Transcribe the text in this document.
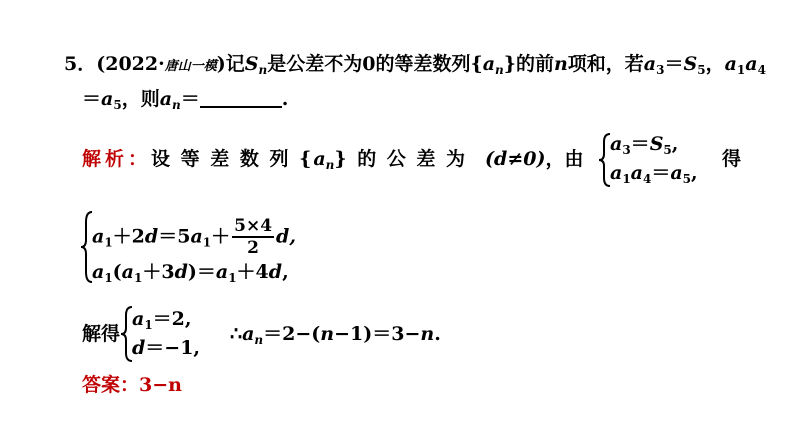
5．(2022·唐山一模)记$S_n$是公差不为0的等差数列$\{a_n\}$的前n项和，若$a_3=S_5$，$a_1a_4$
$=a_5$，则$a_n=$	.
解析：设 等 差 数 列 $\{a_n\}$ 的 公 差 为 (d≠0)，由
$a_3=S_5$,
$a_1a_4=a_5$,
得
$a_1+2d=5a_1+ \frac{5\times 4}{2} d$,
$a_1(a_1+3d)=a_1+4d$,
解得
$a_1=2$,
d＝−1,
$\therefore a_n=2-(n-1)=3-n$.
答案：3−n
